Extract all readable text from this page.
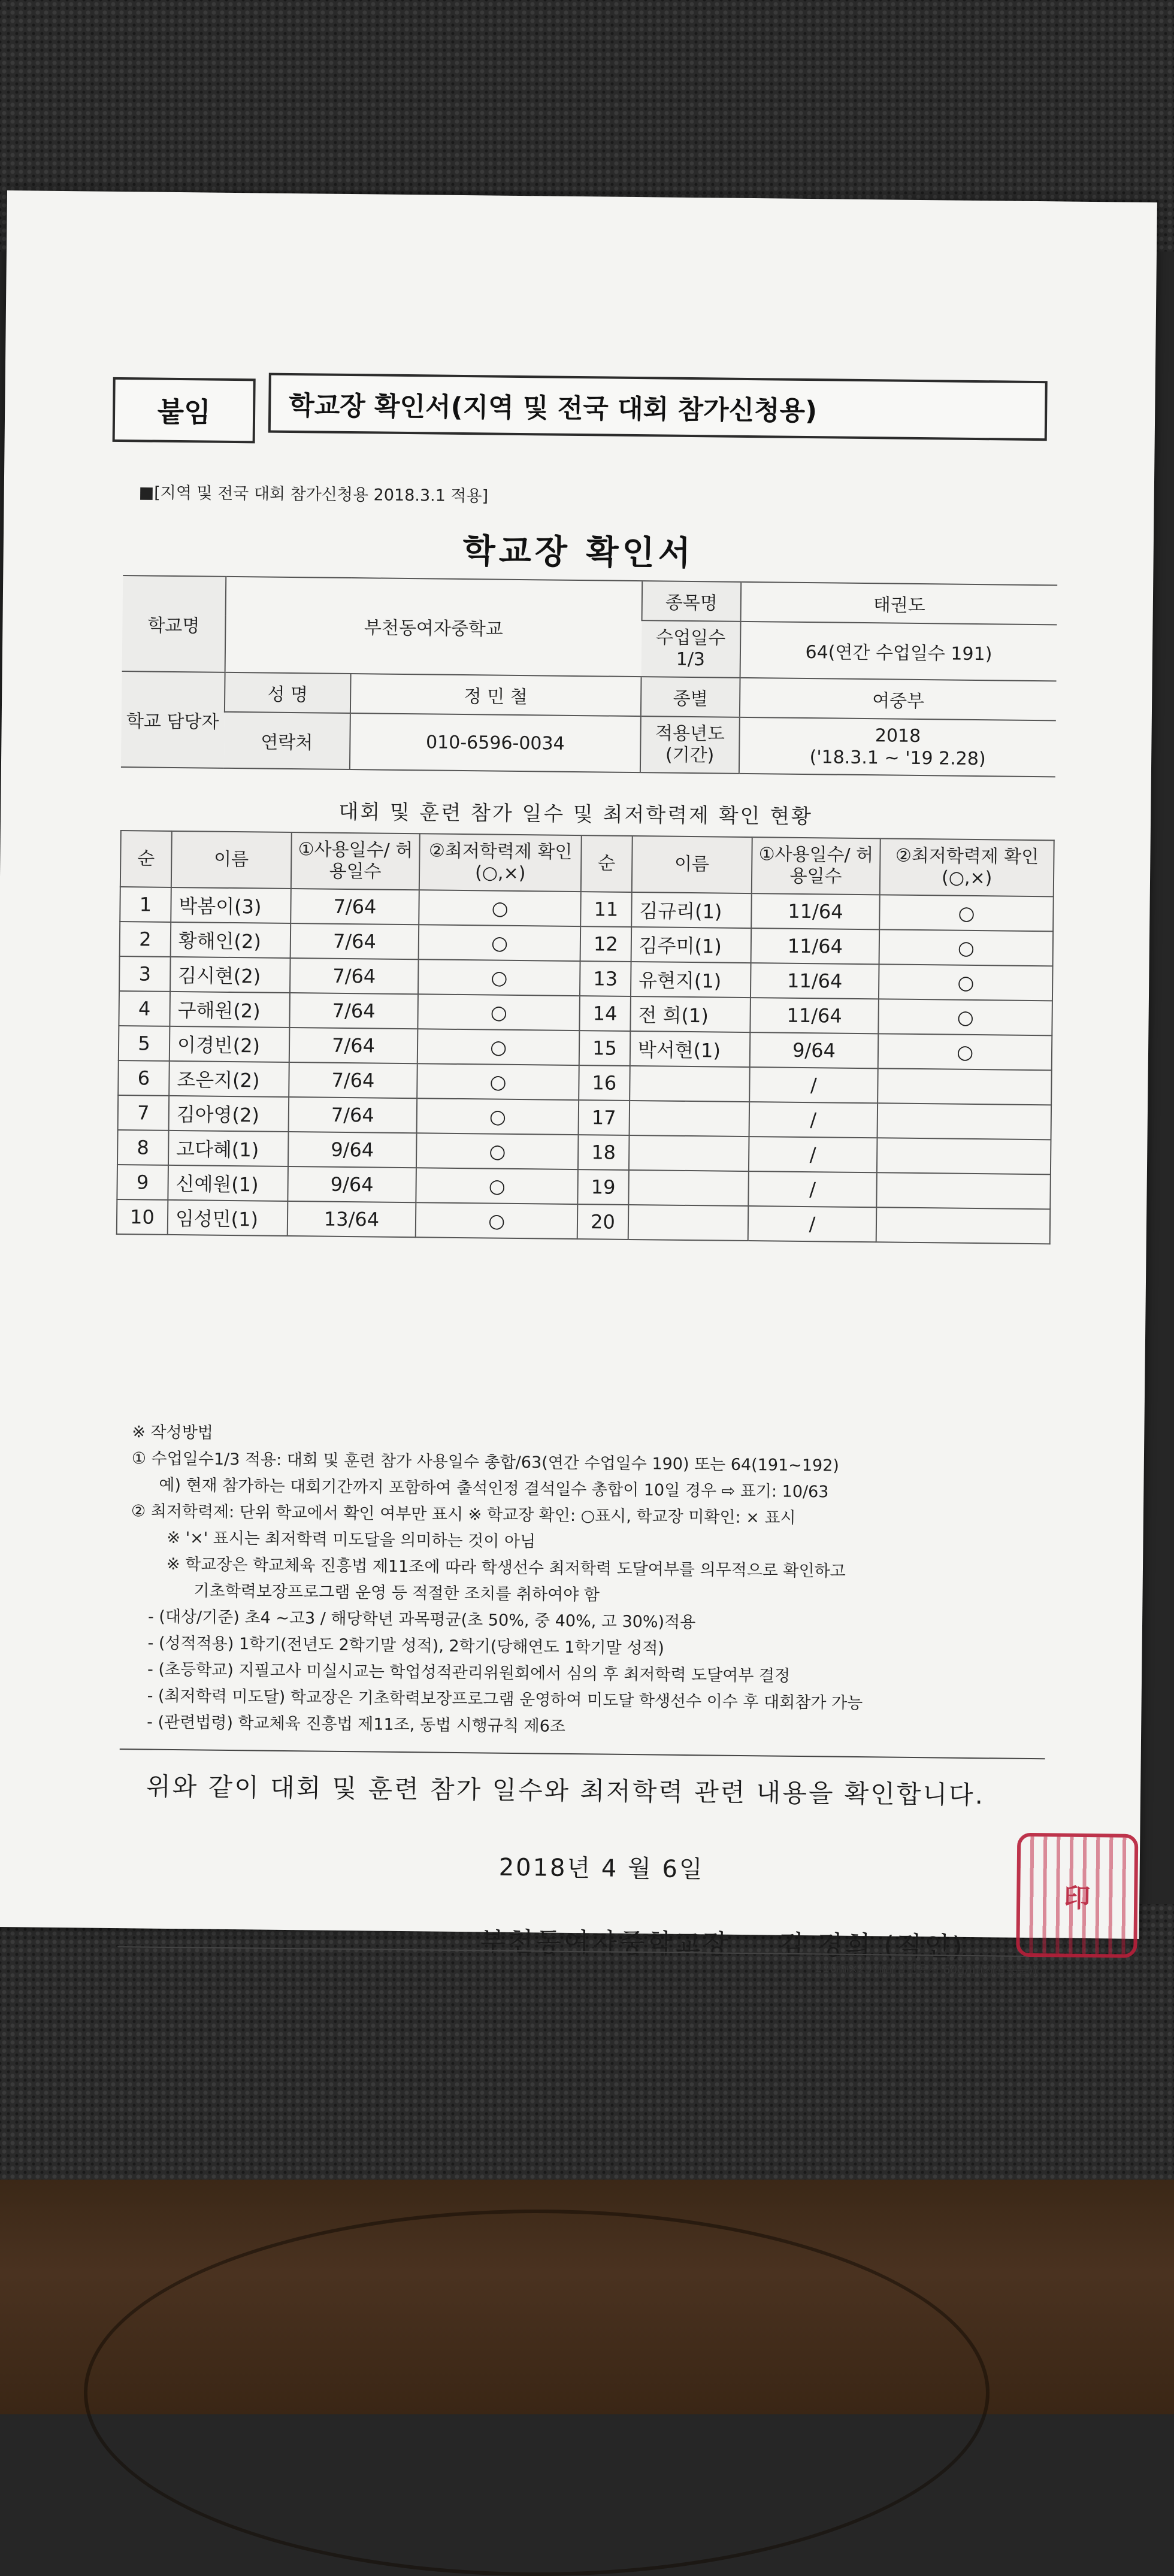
붙임	학교장 확인서(지역 및 전국 대회 참가신청용)
■[지역 및 전국 대회 참가신청용 2018.3.1 적용]
학교장 확인서
학교명	부천동여자중학교		종목명	태권도
			수업일수 1/3	64(연간 수업일수 191)
학교 담당자	성 명	정 민 철	종별	여중부
	연락처	010-6596-0034	적용년도 (기간)	2018
('18.3.1 ~ '19 2.28)
대회 및 훈련 참가 일수 및 최저학력제 확인 현황
순	이름	①사용일수/ 허용일수	②최저학력제 확인(○,×)	순	이름	①사용일수/ 허용일수	②최저학력제 확인(○,×)
1	박봄이(3)	7/64	○	11	김규리(1)	11/64	○
2	황해인(2)	7/64	○	12	김주미(1)	11/64	○
3	김시현(2)	7/64	○	13	유현지(1)	11/64	○
4	구해원(2)	7/64	○	14	전 희(1)	11/64	○
5	이경빈(2)	7/64	○	15	박서현(1)	9/64	○
6	조은지(2)	7/64	○	16		/	
7	김아영(2)	7/64	○	17		/	
8	고다혜(1)	9/64	○	18		/	
9	신예원(1)	9/64	○	19		/	
10	임성민(1)	13/64	○	20		/	
※ 작성방법
① 수업일수1/3 적용: 대회 및 훈련 참가 사용일수 총합/63(연간 수업일수 190) 또는 64(191~192)
예) 현재 참가하는 대회기간까지 포함하여 출석인정 결석일수 총합이 10일 경우 ⇨ 표기: 10/63
② 최저학력제: 단위 학교에서 확인 여부만 표시 ※ 학교장 확인: ○표시, 학교장 미확인: × 표시
※ '×' 표시는 최저학력 미도달을 의미하는 것이 아님
※ 학교장은 학교체육 진흥법 제11조에 따라 학생선수 최저학력 도달여부를 의무적으로 확인하고
기초학력보장프로그램 운영 등 적절한 조치를 취하여야 함
- (대상/기준) 초4 ~고3 / 해당학년 과목평균(초 50%, 중 40%, 고 30%)적용
- (성적적용) 1학기(전년도 2학기말 성적), 2학기(당해연도 1학기말 성적)
- (초등학교) 지필고사 미실시교는 학업성적관리위원회에서 심의 후 최저학력 도달여부 결정
- (최저학력 미도달) 학교장은 기초학력보장프로그램 운영하여 미도달 학생선수 이수 후 대회참가 가능
- (관련법령) 학교체육 진흥법 제11조, 동법 시행규칙 제6조
위와 같이 대회 및 훈련 참가 일수와 최저학력 관련 내용을 확인합니다.
2018년 4 월 6일
부천동여자중학교장 김 경희 (직인)
210㎜×297㎜[일반용지 60g/㎡(재활용품)]
印
